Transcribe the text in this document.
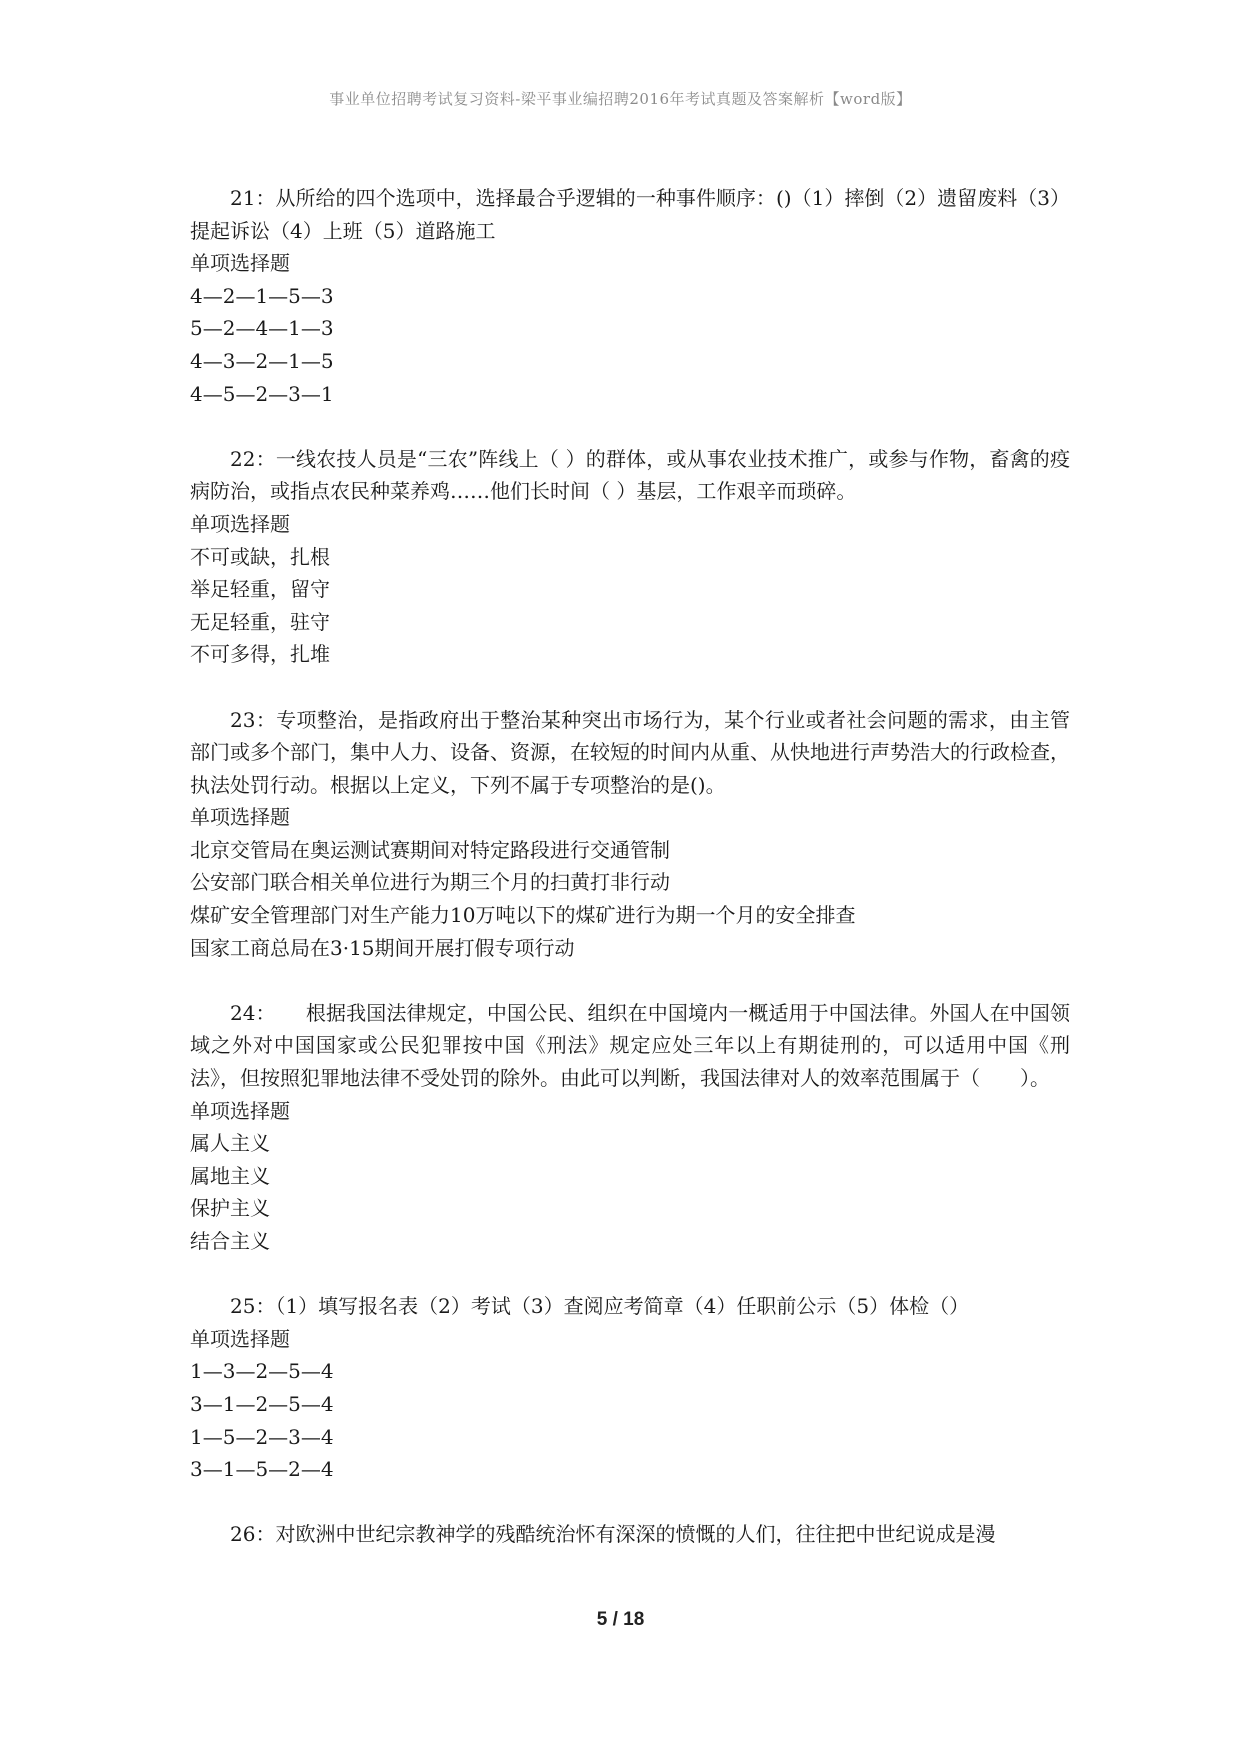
事业单位招聘考试复习资料-梁平事业编招聘2016年考试真题及答案解析【word版】

21：从所给的四个选项中，选择最合乎逻辑的一种事件顺序：()（1）摔倒（2）遗留废料（3）提起诉讼（4）上班（5）道路施工

单项选择题

4—2—1—5—3

5—2—4—1—3

4—3—2—1—5

4—5—2—3—1

22：一线农技人员是“三农”阵线上（ ）的群体，或从事农业技术推广，或参与作物，畜禽的疫病防治，或指点农民种菜养鸡……他们长时间（ ）基层，工作艰辛而琐碎。

单项选择题

不可或缺，扎根

举足轻重，留守

无足轻重，驻守

不可多得，扎堆

23：专项整治，是指政府出于整治某种突出市场行为，某个行业或者社会问题的需求，由主管部门或多个部门，集中人力、设备、资源，在较短的时间内从重、从快地进行声势浩大的行政检查，执法处罚行动。根据以上定义，下列不属于专项整治的是()。

单项选择题

北京交管局在奥运测试赛期间对特定路段进行交通管制

公安部门联合相关单位进行为期三个月的扫黄打非行动

煤矿安全管理部门对生产能力10万吨以下的煤矿进行为期一个月的安全排查

国家工商总局在3·15期间开展打假专项行动

24：　　根据我国法律规定，中国公民、组织在中国境内一概适用于中国法律。外国人在中国领域之外对中国国家或公民犯罪按中国《刑法》规定应处三年以上有期徒刑的，可以适用中国《刑法》，但按照犯罪地法律不受处罚的除外。由此可以判断，我国法律对人的效率范围属于（　　）。

单项选择题

属人主义

属地主义

保护主义

结合主义

25：（1）填写报名表（2）考试（3）查阅应考简章（4）任职前公示（5）体检（）

单项选择题

1—3—2—5—4

3—1—2—5—4

1—5—2—3—4

3—1—5—2—4

26：对欧洲中世纪宗教神学的残酷统治怀有深深的愤慨的人们，往往把中世纪说成是漫

5 / 18
